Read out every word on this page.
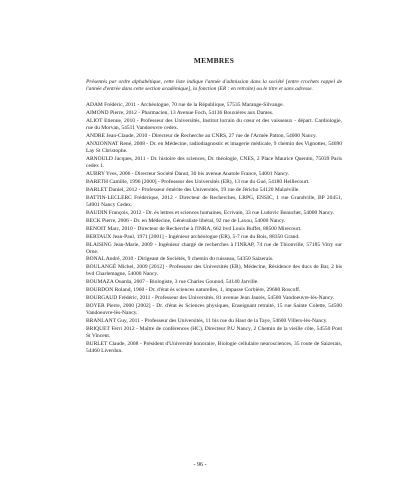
MEMBRES

Présentés par ordre alphabétique, cette liste indique l'année d'admission dans la société [entre crochets rappel de l'année d'entrée dans cette section académique], la fonction (ER : en retraite) ou le titre et sans adresse.

ADAM Frédéric, 2011 - Archéologue, 70 rue de la République, 57535 Marange-Silvange.
AIMOND Pierre, 2012 - Pharmacien, 13 Avenue Foch, 54136 Bouxières aux Dames.
ALIOT Etienne, 2010 - Professeur des Universités, Institut lorrain du cœur et des vaisseaux - départ. Cardiologie, rue du Morvan, 54511 Vandoeuvre cedex.
ANDRE Jean-Claude, 2010 - Directeur de Recherche au CNRS, 27 rue de l'Armée Patton, 54000 Nancy.
ANXIONNAT René, 2008 - Dr. en Médecine, radiodiagnostic et imagerie médicale, 9 chemin des Vignottes, 54690 Lay St Christophe.
ARNOULD Jacques, 2011 - Dr. histoire des sciences, Dr. théologie, CNES, 2 Place Maurice Quentin, 75039 Paris cedex 1.
AUBRY Yves, 2006 - Directeur Société Danut, 30 bis avenue Anatole France, 54001 Nancy.
BARETH Camille, 1996 [2000] - Professeur des Universités (ER), 13 rue du Gué, 54180 Heillecourt.
BARLET Daniel, 2012 - Professeur émérite des Universités, 19 rue de Jéricho 54120 Malzéville.
BATTIN-LECLERC Frédérique, 2012 - Directeur de Recherches, LRPG, ENSIC, 1 rue Grandville, BP 20451, 54001 Nancy Cedex.
BAUDIN François, 2012 - Dr. ès lettres et sciences humaines, Ecrivain, 33 rue Ludovic Beauchet, 54000 Nancy.
BECK Pierre, 2006 - Dr. en Médecine, Généraliste libéral, 92 rue de Laxou, 54000 Nancy.
BENOIT Marc, 2010 - Directeur de Recherche à l'INRA, 662 bvd Louis Buffet, 88500 Mirecourt.
BERTAUX Jean-Paul, 1971 [2001] - Ingénieur archéologue (ER), 5-7 rue du Bois, 88350 Grand.
BLAISING Jean-Marie, 2009 - Ingénieur chargé de recherches à l'INRAP, 74 rue de Thionville, 57185 Vitry sur Orne.
BONAL André, 2010 - Dirigeant de Sociétés, 9 chemin du ruisseau, 54350 Saizerais.
BOULANGÉ Michel, 2009 [2012] - Professeur des Universités (ER), Médecine, Résidence des ducs de Bar, 2 bis bvd Charlemagne, 54000 Nancy.
BOUMAZA Ouarda, 2007 - Biologiste, 3 rue Charles Gounod, 54140 Jarville.
BOURDON Roland, 1960 - Dr. d'état ès sciences naturelles, 1, impasse Corbière, 29680 Roscoff.
BOURGAUD Frédéric, 2011 - Professeur des Universités, 81 avenue Jean Jaurès, 54500 Vandoeuvre-lès-Nancy.
BOYER Pierre, 2000 [2002] - Dr. d'état ès Sciences physiques, Enseignant retraité, 15 rue Sainte Colette, 54500 Vandoeuvre-lès-Nancy.
BRANLANT Guy, 2011 - Professeur des Universités, 11 bis rue du Haut de la Taye, 54600 Villers-lès-Nancy.
BRIQUET Ferri 2012 - Maître de conférences (HC), Directeur P.U Nancy, 2 Chemin de la vieille côte, 54550 Pont St Vincent.
BURLET Claude, 2008 - Président d'Université honoraire, Biologie cellulaire neurosciences, 35 route de Saizerais, 54460 Liverdun.
- 96 -
